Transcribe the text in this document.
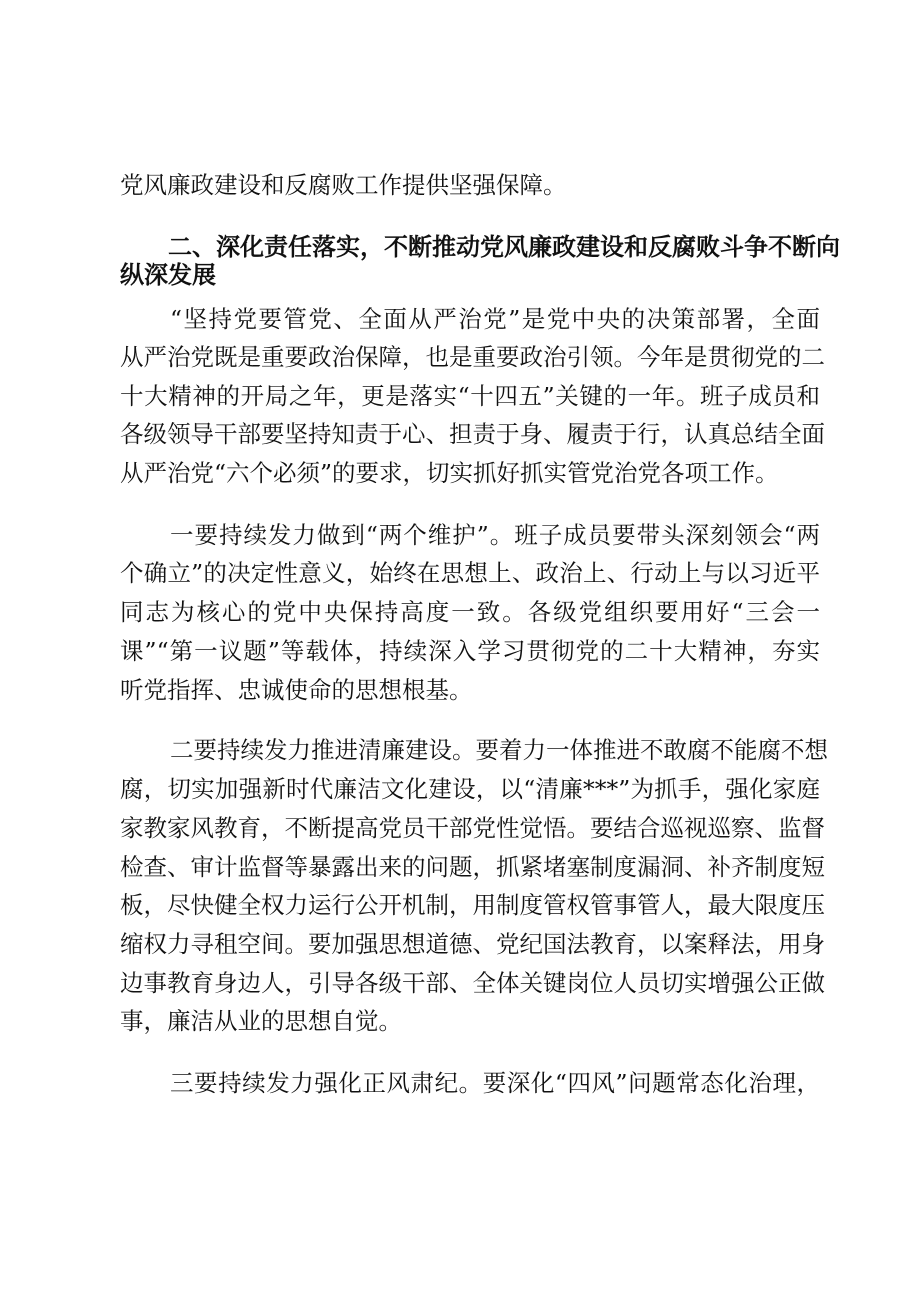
党风廉政建设和反腐败工作提供坚强保障。

二、深化责任落实，不断推动党风廉政建设和反腐败斗争不断向

纵深发展

“坚持党要管党、全面从严治党”是党中央的决策部署，全面

从严治党既是重要政治保障，也是重要政治引领。今年是贯彻党的二

十大精神的开局之年，更是落实“十四五”关键的一年。班子成员和

各级领导干部要坚持知责于心、担责于身、履责于行，认真总结全面

从严治党“六个必须”的要求，切实抓好抓实管党治党各项工作。

一要持续发力做到“两个维护”。班子成员要带头深刻领会“两

个确立”的决定性意义，始终在思想上、政治上、行动上与以习近平

同志为核心的党中央保持高度一致。各级党组织要用好“三会一

课”“第一议题”等载体，持续深入学习贯彻党的二十大精神，夯实

听党指挥、忠诚使命的思想根基。

二要持续发力推进清廉建设。要着力一体推进不敢腐不能腐不想

腐，切实加强新时代廉洁文化建设，以“清廉***”为抓手，强化家庭

家教家风教育，不断提高党员干部党性觉悟。要结合巡视巡察、监督

检查、审计监督等暴露出来的问题，抓紧堵塞制度漏洞、补齐制度短

板，尽快健全权力运行公开机制，用制度管权管事管人，最大限度压

缩权力寻租空间。要加强思想道德、党纪国法教育，以案释法，用身

边事教育身边人，引导各级干部、全体关键岗位人员切实增强公正做

事，廉洁从业的思想自觉。

三要持续发力强化正风肃纪。要深化“四风”问题常态化治理，
